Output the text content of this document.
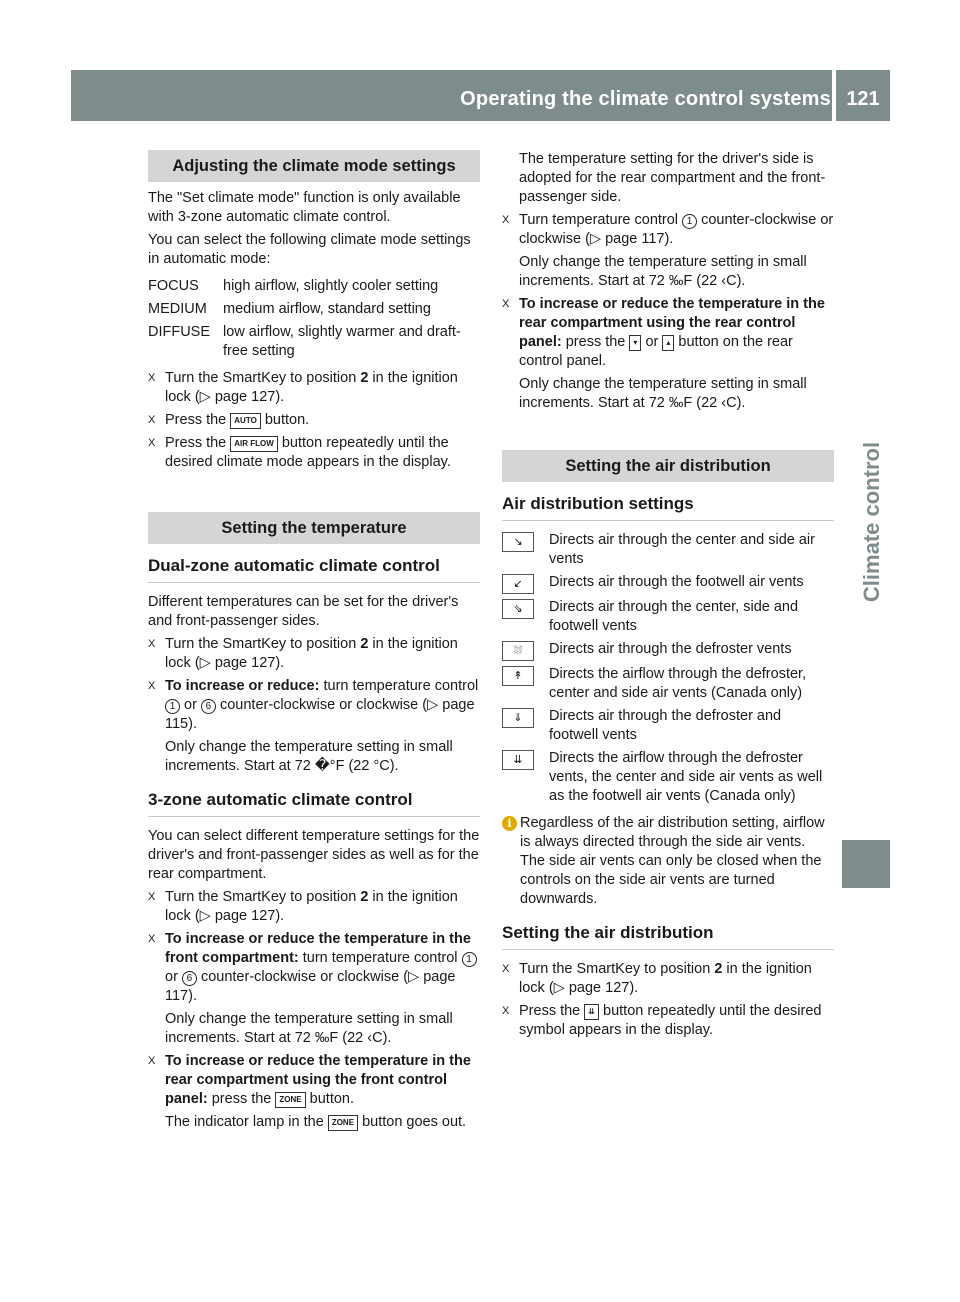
Operating the climate control systems 121
Climate control
Adjusting the climate mode settings

The "Set climate mode" function is only available with 3-zone automatic climate control.

You can select the following climate mode settings in automatic mode:

FOCUS	high airflow, slightly cooler setting
MEDIUM	medium airflow, standard setting
DIFFUSE low airflow, slightly warmer and draft-free setting
X Turn the SmartKey to position 2 in the ignition lock (▷ page 127).
X Press the AUTO button.
X Press the AIR FLOW button repeatedly until the desired climate mode appears in the display.
Setting the temperature
Dual-zone automatic climate control

Different temperatures can be set for the driver's and front-passenger sides.

X Turn the SmartKey to position 2 in the ignition lock (▷ page 127).
X To increase or reduce: turn temperature control 1 or 6 counter-clockwise or clockwise (▷ page 115).

Only change the temperature setting in small increments. Start at 72 �°F (22 °C).

3-zone automatic climate control

You can select different temperature settings for the driver's and front-passenger sides as well as for the rear compartment.

X Turn the SmartKey to position 2 in the ignition lock (▷ page 127).
X To increase or reduce the temperature in the front compartment: turn temperature control 1 or 6 counter-clockwise or clockwise (▷ page 117).

Only change the temperature setting in small increments. Start at 72 ‰F (22 ‹C).

X To increase or reduce the temperature in the rear compartment using the front control panel: press the ZONE button.

The indicator lamp in the ZONE button goes out.

The temperature setting for the driver's side is adopted for the rear compartment and the front-passenger side.

X Turn temperature control 1 counter-clockwise or clockwise (▷ page 117).

Only change the temperature setting in small increments. Start at 72 ‰F (22 ‹C).

X To increase or reduce the temperature in the rear compartment using the rear control panel: press the ▾ or ▴ button on the rear control panel.

Only change the temperature setting in small increments. Start at 72 ‰F (22 ‹C).

Setting the air distribution
Air distribution settings
↘	Directs air through the center and side air vents
↙	Directs air through the footwell air vents
⇘	Directs air through the center, side and footwell vents
⛆	Directs air through the defroster vents
↟	Directs the airflow through the defroster, center and side air vents (Canada only)
⇓	Directs air through the defroster and footwell vents
⇊	Directs the airflow through the defroster vents, the center and side air vents as well as the footwell air vents (Canada only)
i Regardless of the air distribution setting, airflow is always directed through the side air vents. The side air vents can only be closed when the controls on the side air vents are turned downwards.
Setting the air distribution
X Turn the SmartKey to position 2 in the ignition lock (▷ page 127).
X Press the ⇊ button repeatedly until the desired symbol appears in the display.
